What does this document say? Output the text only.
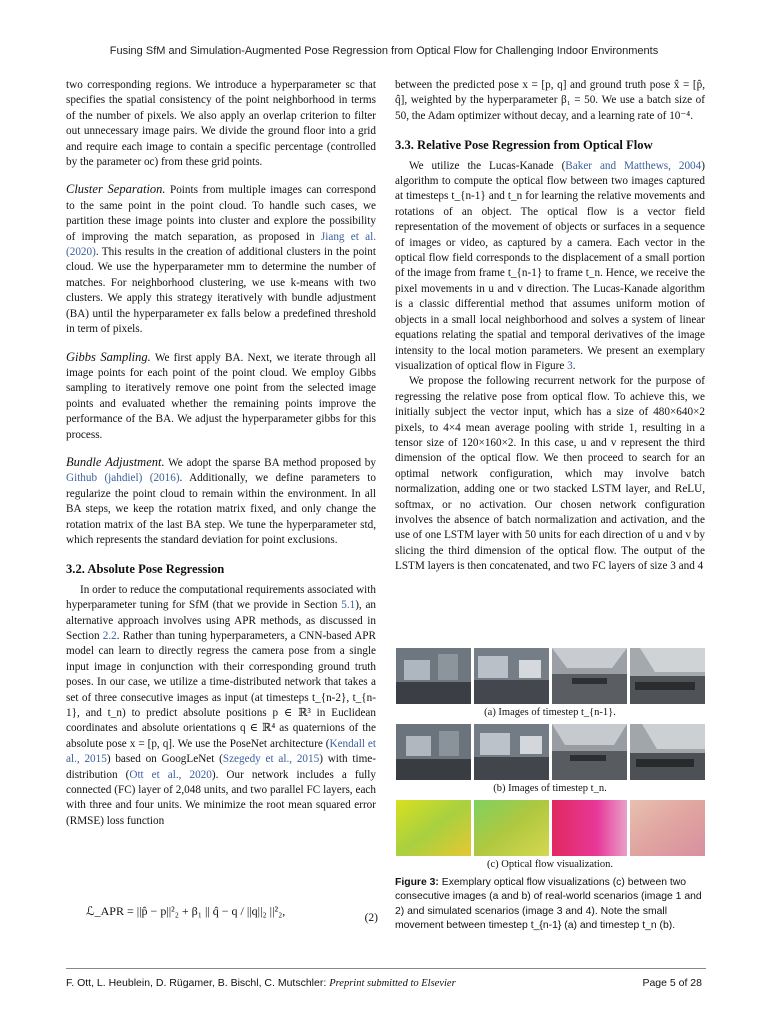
Fusing SfM and Simulation-Augmented Pose Regression from Optical Flow for Challenging Indoor Environments

two corresponding regions. We introduce a hyperparameter sc that specifies the spatial consistency of the point neighborhood in terms of the number of pixels. We also apply an overlap criterion to filter out unnecessary image pairs. We divide the ground floor into a grid and require each image to contain a specific percentage (controlled by the parameter oc) from these grid points.

Cluster Separation. Points from multiple images can correspond to the same point in the point cloud. To handle such cases, we partition these image points into cluster and explore the possibility of improving the match separation, as proposed in Jiang et al. (2020). This results in the creation of additional clusters in the point cloud. We use the hyperparameter mm to determine the number of matches. For neighborhood clustering, we use k-means with two clusters. We apply this strategy iteratively with bundle adjustment (BA) until the hyperparameter ex falls below a predefined threshold in term of pixels.

Gibbs Sampling. We first apply BA. Next, we iterate through all image points for each point of the point cloud. We employ Gibbs sampling to iteratively remove one point from the selected image points and evaluated whether the remaining points improve the performance of the BA. We adjust the hyperparameter gibbs for this process.

Bundle Adjustment. We adopt the sparse BA method proposed by Github (jahdiel) (2016). Additionally, we define parameters to regularize the point cloud to remain within the environment. In all BA steps, we keep the rotation matrix fixed, and only change the rotation matrix of the last BA step. We tune the hyperparameter std, which represents the standard deviation for point exclusions.

3.2. Absolute Pose Regression

In order to reduce the computational requirements associated with hyperparameter tuning for SfM (that we provide in Section 5.1), an alternative approach involves using APR methods, as discussed in Section 2.2. Rather than tuning hyperparameters, a CNN-based APR model can learn to directly regress the camera pose from a single input image in conjunction with their corresponding ground truth poses. In our case, we utilize a time-distributed network that takes a set of three consecutive images as input (at timesteps t_{n-2}, t_{n-1}, and t_n) to predict absolute positions p ∈ ℝ³ in Euclidean coordinates and absolute orientations q ∈ ℝ⁴ as quaternions of the absolute pose x = [p, q]. We use the PoseNet architecture (Kendall et al., 2015) based on GoogLeNet (Szegedy et al., 2015) with time-distribution (Ott et al., 2020). Our network includes a fully connected (FC) layer of 2,048 units, and two parallel FC layers, each with three and four units. We minimize the root mean squared error (RMSE) loss function

ℒ_APR = ||p̂ − p||²₂ + β₁ || q̂ − q / ||q||₂ ||²₂,	(2)

between the predicted pose x = [p, q] and ground truth pose x̂ = [p̂, q̂], weighted by the hyperparameter β₁ = 50. We use a batch size of 50, the Adam optimizer without decay, and a learning rate of 10⁻⁴.

3.3. Relative Pose Regression from Optical Flow

We utilize the Lucas-Kanade (Baker and Matthews, 2004) algorithm to compute the optical flow between two images captured at timesteps t_{n-1} and t_n for learning the relative movements and rotations of an object. The optical flow is a vector field representation of the movement of objects or surfaces in a sequence of images or video, as captured by a camera. Each vector in the optical flow field corresponds to the displacement of a small portion of the image from frame t_{n-1} to frame t_n. Hence, we receive the pixel movements in u and v direction. The Lucas-Kanade algorithm is a classic differential method that assumes uniform motion of objects in a small local neighborhood and solves a system of linear equations relating the spatial and temporal derivatives of the image intensity to the local motion parameters. We present an exemplary visualization of optical flow in Figure 3.

We propose the following recurrent network for the purpose of regressing the relative pose from optical flow. To achieve this, we initially subject the vector input, which has a size of 480×640×2 pixels, to 4×4 mean average pooling with stride 1, resulting in a tensor size of 120×160×2. In this case, u and v represent the third dimension of the optical flow. We then proceed to search for an optimal network configuration, which may involve batch normalization, adding one or two stacked LSTM layer, and ReLU, softmax, or no activation. Our chosen network configuration involves the absence of batch normalization and activation, and the use of one LSTM layer with 50 units for each direction of u and v by slicing the third dimension of the optical flow. The output of the LSTM layers is then concatenated, and two FC layers of size 3 and 4

(a) Images of timestep t_{n-1}.
(b) Images of timestep t_n.
(c) Optical flow visualization.
Figure 3: Exemplary optical flow visualizations (c) between two consecutive images (a and b) of real-world scenarios (image 1 and 2) and simulated scenarios (image 3 and 4). Note the small movement between timestep t_{n-1} (a) and timestep t_n (b).
F. Ott, L. Heublein, D. Rügamer, B. Bischl, C. Mutschler: Preprint submitted to Elsevier	Page 5 of 28
